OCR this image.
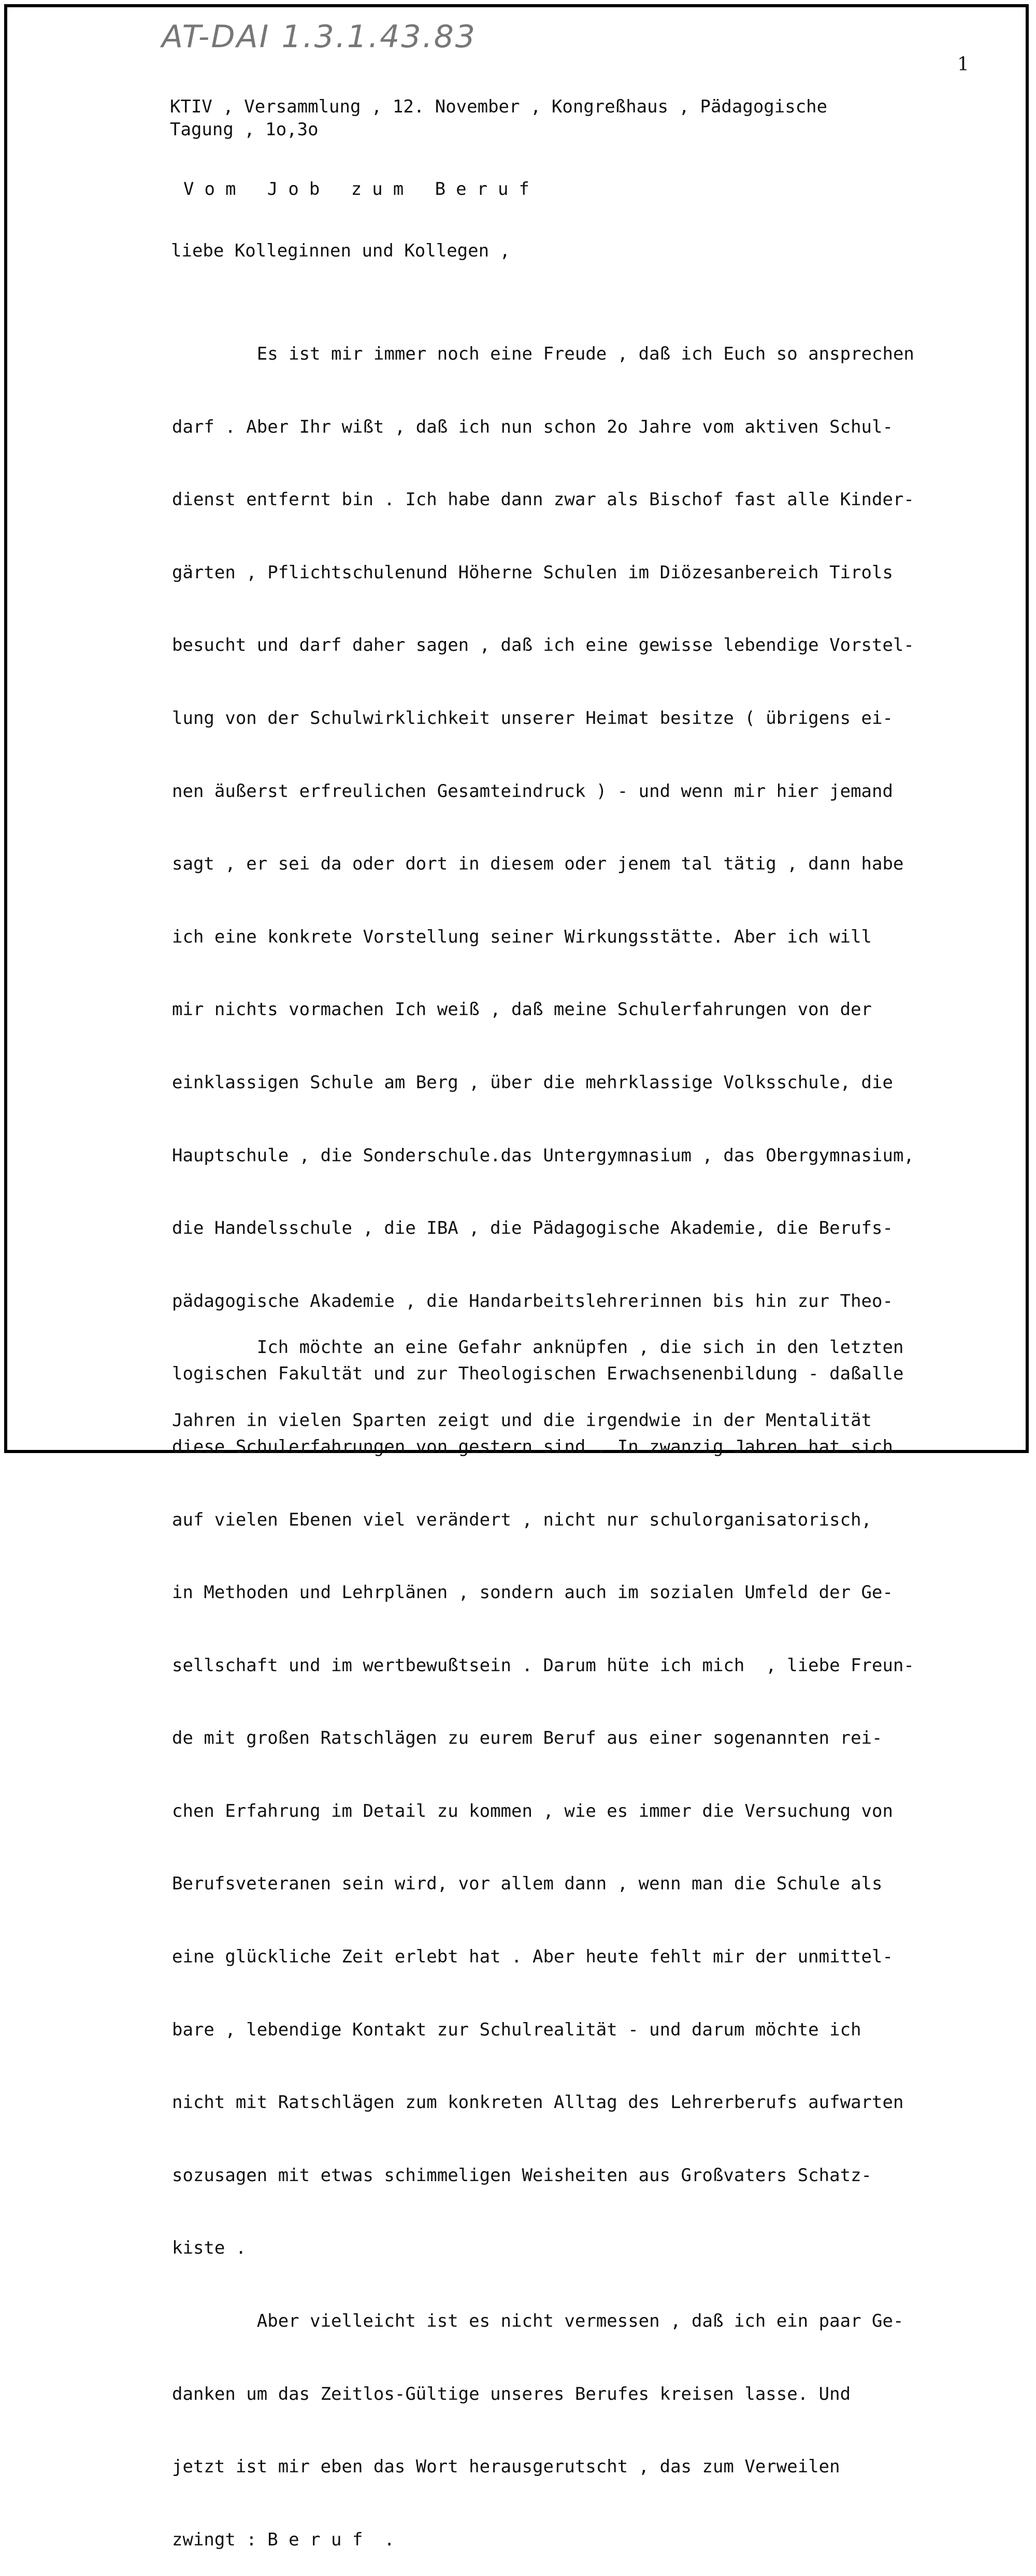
AT-DAI 1.3.1.43.83
1
KTIV , Versammlung , 12. November , Kongreßhaus , Pädagogische
Tagung , 1o,3o
Vom Job zum Beruf
liebe Kolleginnen und Kollegen ,

Es ist mir immer noch eine Freude , daß ich Euch so ansprechen

darf . Aber Ihr wißt , daß ich nun schon 2o Jahre vom aktiven Schul-

dienst entfernt bin . Ich habe dann zwar als Bischof fast alle Kinder-

gärten , Pflichtschulenund Höherne Schulen im Diözesanbereich Tirols

besucht und darf daher sagen , daß ich eine gewisse lebendige Vorstel-

lung von der Schulwirklichkeit unserer Heimat besitze ( übrigens ei-

nen äußerst erfreulichen Gesamteindruck ) - und wenn mir hier jemand

sagt , er sei da oder dort in diesem oder jenem tal tätig , dann habe

ich eine konkrete Vorstellung seiner Wirkungsstätte. Aber ich will

mir nichts vormachen Ich weiß , daß meine Schulerfahrungen von der

einklassigen Schule am Berg , über die mehrklassige Volksschule, die

Hauptschule , die Sonderschule.das Untergymnasium , das Obergymnasium,

die Handelsschule , die IBA , die Pädagogische Akademie, die Berufs-

pädagogische Akademie , die Handarbeitslehrerinnen bis hin zur Theo-

logischen Fakultät und zur Theologischen Erwachsenenbildung - daßalle

diese Schulerfahrungen von gestern sind . In zwanzig Jahren hat sich

auf vielen Ebenen viel verändert , nicht nur schulorganisatorisch,

in Methoden und Lehrplänen , sondern auch im sozialen Umfeld der Ge-

sellschaft und im wertbewußtsein . Darum hüte ich mich  , liebe Freun-

de mit großen Ratschlägen zu eurem Beruf aus einer sogenannten rei-

chen Erfahrung im Detail zu kommen , wie es immer die Versuchung von

Berufsveteranen sein wird, vor allem dann , wenn man die Schule als

eine glückliche Zeit erlebt hat . Aber heute fehlt mir der unmittel-

bare , lebendige Kontakt zur Schulrealität - und darum möchte ich

nicht mit Ratschlägen zum konkreten Alltag des Lehrerberufs aufwarten

sozusagen mit etwas schimmeligen Weisheiten aus Großvaters Schatz-

kiste .

Aber vielleicht ist es nicht vermessen , daß ich ein paar Ge-

danken um das Zeitlos-Gültige unseres Berufes kreisen lasse. Und

jetzt ist mir eben das Wort herausgerutscht , das zum Verweilen

zwingt : B e r u f  .

Ich möchte an eine Gefahr anknüpfen , die sich in den letzten

Jahren in vielen Sparten zeigt und die irgendwie in der Mentalität
